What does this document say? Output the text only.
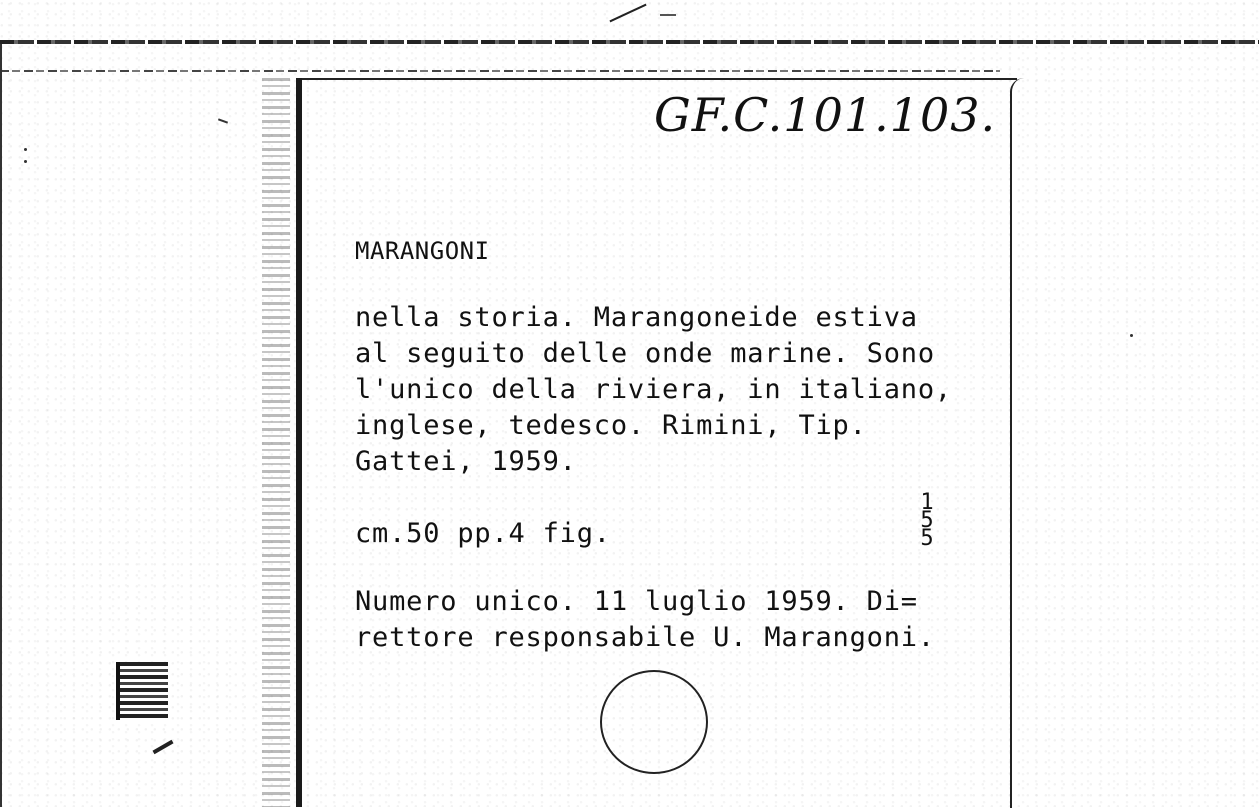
GF.C.101.103.
MARANGONI
nella storia. Marangoneide estiva
al seguito delle onde marine. Sono
l'unico della riviera, in italiano,
inglese, tedesco. Rimini, Tip.
Gattei, 1959.
cm.50 pp.4 fig.
1
5
5
Numero unico. 11 luglio 1959. Di=
rettore responsabile U. Marangoni.
